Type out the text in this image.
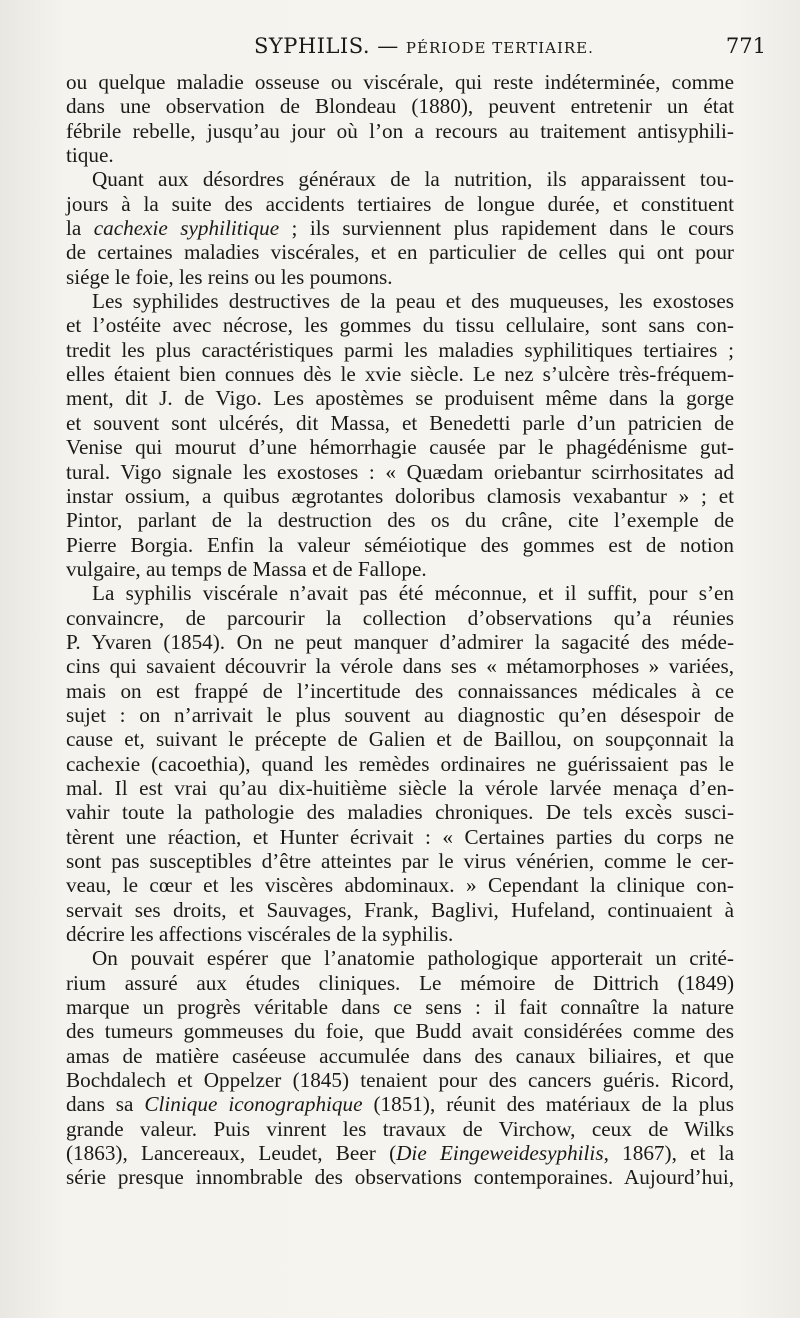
SYPHILIS. — PÉRIODE TERTIAIRE.	771
ou quelque maladie osseuse ou viscérale, qui reste indéterminée, comme
dans une observation de Blondeau (1880), peuvent entretenir un état
fébrile rebelle, jusqu’au jour où l’on a recours au traitement antisyphili-
tique.
Quant aux désordres généraux de la nutrition, ils apparaissent tou-
jours à la suite des accidents tertiaires de longue durée, et constituent
la cachexie syphilitique ; ils surviennent plus rapidement dans le cours
de certaines maladies viscérales, et en particulier de celles qui ont pour
siége le foie, les reins ou les poumons.
Les syphilides destructives de la peau et des muqueuses, les exostoses
et l’ostéite avec nécrose, les gommes du tissu cellulaire, sont sans con-
tredit les plus caractéristiques parmi les maladies syphilitiques tertiaires ;
elles étaient bien connues dès le xvie siècle. Le nez s’ulcère très-fréquem-
ment, dit J. de Vigo. Les apostèmes se produisent même dans la gorge
et souvent sont ulcérés, dit Massa, et Benedetti parle d’un patricien de
Venise qui mourut d’une hémorrhagie causée par le phagédénisme gut-
tural. Vigo signale les exostoses : « Quædam oriebantur scirrhositates ad
instar ossium, a quibus ægrotantes doloribus clamosis vexabantur » ; et
Pintor, parlant de la destruction des os du crâne, cite l’exemple de
Pierre Borgia. Enfin la valeur séméiotique des gommes est de notion
vulgaire, au temps de Massa et de Fallope.
La syphilis viscérale n’avait pas été méconnue, et il suffit, pour s’en
convaincre, de parcourir la collection d’observations qu’a réunies
P. Yvaren (1854). On ne peut manquer d’admirer la sagacité des méde-
cins qui savaient découvrir la vérole dans ses « métamorphoses » variées,
mais on est frappé de l’incertitude des connaissances médicales à ce
sujet : on n’arrivait le plus souvent au diagnostic qu’en désespoir de
cause et, suivant le précepte de Galien et de Baillou, on soupçonnait la
cachexie (cacoethia), quand les remèdes ordinaires ne guérissaient pas le
mal. Il est vrai qu’au dix-huitième siècle la vérole larvée menaça d’en-
vahir toute la pathologie des maladies chroniques. De tels excès susci-
tèrent une réaction, et Hunter écrivait : « Certaines parties du corps ne
sont pas susceptibles d’être atteintes par le virus vénérien, comme le cer-
veau, le cœur et les viscères abdominaux. » Cependant la clinique con-
servait ses droits, et Sauvages, Frank, Baglivi, Hufeland, continuaient à
décrire les affections viscérales de la syphilis.
On pouvait espérer que l’anatomie pathologique apporterait un crité-
rium assuré aux études cliniques. Le mémoire de Dittrich (1849)
marque un progrès véritable dans ce sens : il fait connaître la nature
des tumeurs gommeuses du foie, que Budd avait considérées comme des
amas de matière caséeuse accumulée dans des canaux biliaires, et que
Bochdalech et Oppelzer (1845) tenaient pour des cancers guéris. Ricord,
dans sa Clinique iconographique (1851), réunit des matériaux de la plus
grande valeur. Puis vinrent les travaux de Virchow, ceux de Wilks
(1863), Lancereaux, Leudet, Beer (Die Eingeweidesyphilis, 1867), et la
série presque innombrable des observations contemporaines. Aujourd’hui,
